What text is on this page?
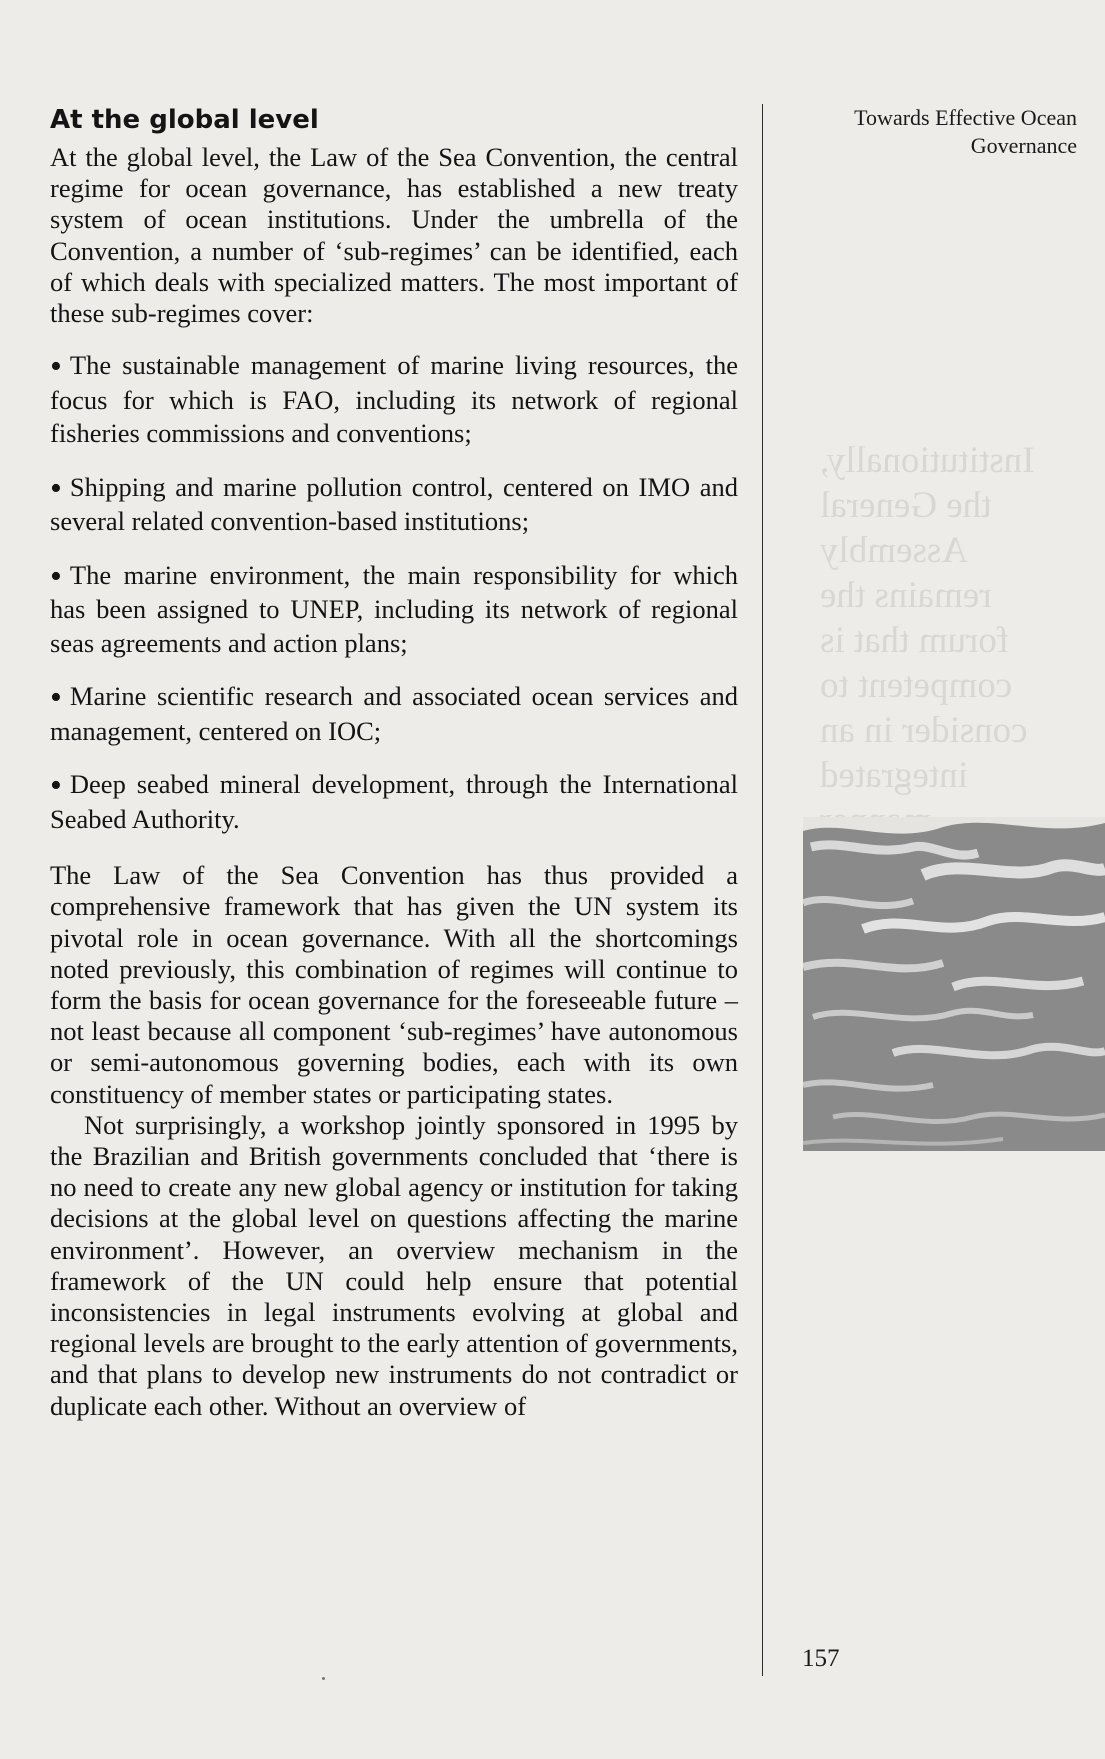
Institutionally,
the General
Assembly
remains the
forum that is
competent to
consider in an
integrated

At the global level

At the global level, the Law of the Sea Convention, the central regime for ocean governance, has established a new treaty system of ocean institutions. Under the umbrella of the Convention, a number of ‘sub-regimes’ can be identified, each of which deals with specialized matters. The most important of these sub-regimes cover:

• The sustainable management of marine living resources, the focus for which is FAO, including its network of regional fisheries commissions and conventions;

• Shipping and marine pollution control, centered on IMO and several related convention-based institutions;

• The marine environment, the main responsibility for which has been assigned to UNEP, including its network of regional seas agreements and action plans;

• Marine scientific research and associated ocean services and management, centered on IOC;

• Deep seabed mineral development, through the International Seabed Authority.

The Law of the Sea Convention has thus provided a comprehensive framework that has given the UN system its pivotal role in ocean governance. With all the shortcomings noted previously, this combination of regimes will continue to form the basis for ocean governance for the foreseeable future – not least because all component ‘sub-regimes’ have autonomous or semi-autonomous governing bodies, each with its own constituency of member states or participating states.

Not surprisingly, a workshop jointly sponsored in 1995 by the Brazilian and British governments concluded that ‘there is no need to create any new global agency or institution for taking decisions at the global level on questions affecting the marine environment’. However, an overview mechanism in the framework of the UN could help ensure that potential inconsistencies in legal instruments evolving at global and regional levels are brought to the early attention of governments, and that plans to develop new instruments do not contradict or duplicate each other. Without an overview of

Towards Effective Ocean Governance
157
